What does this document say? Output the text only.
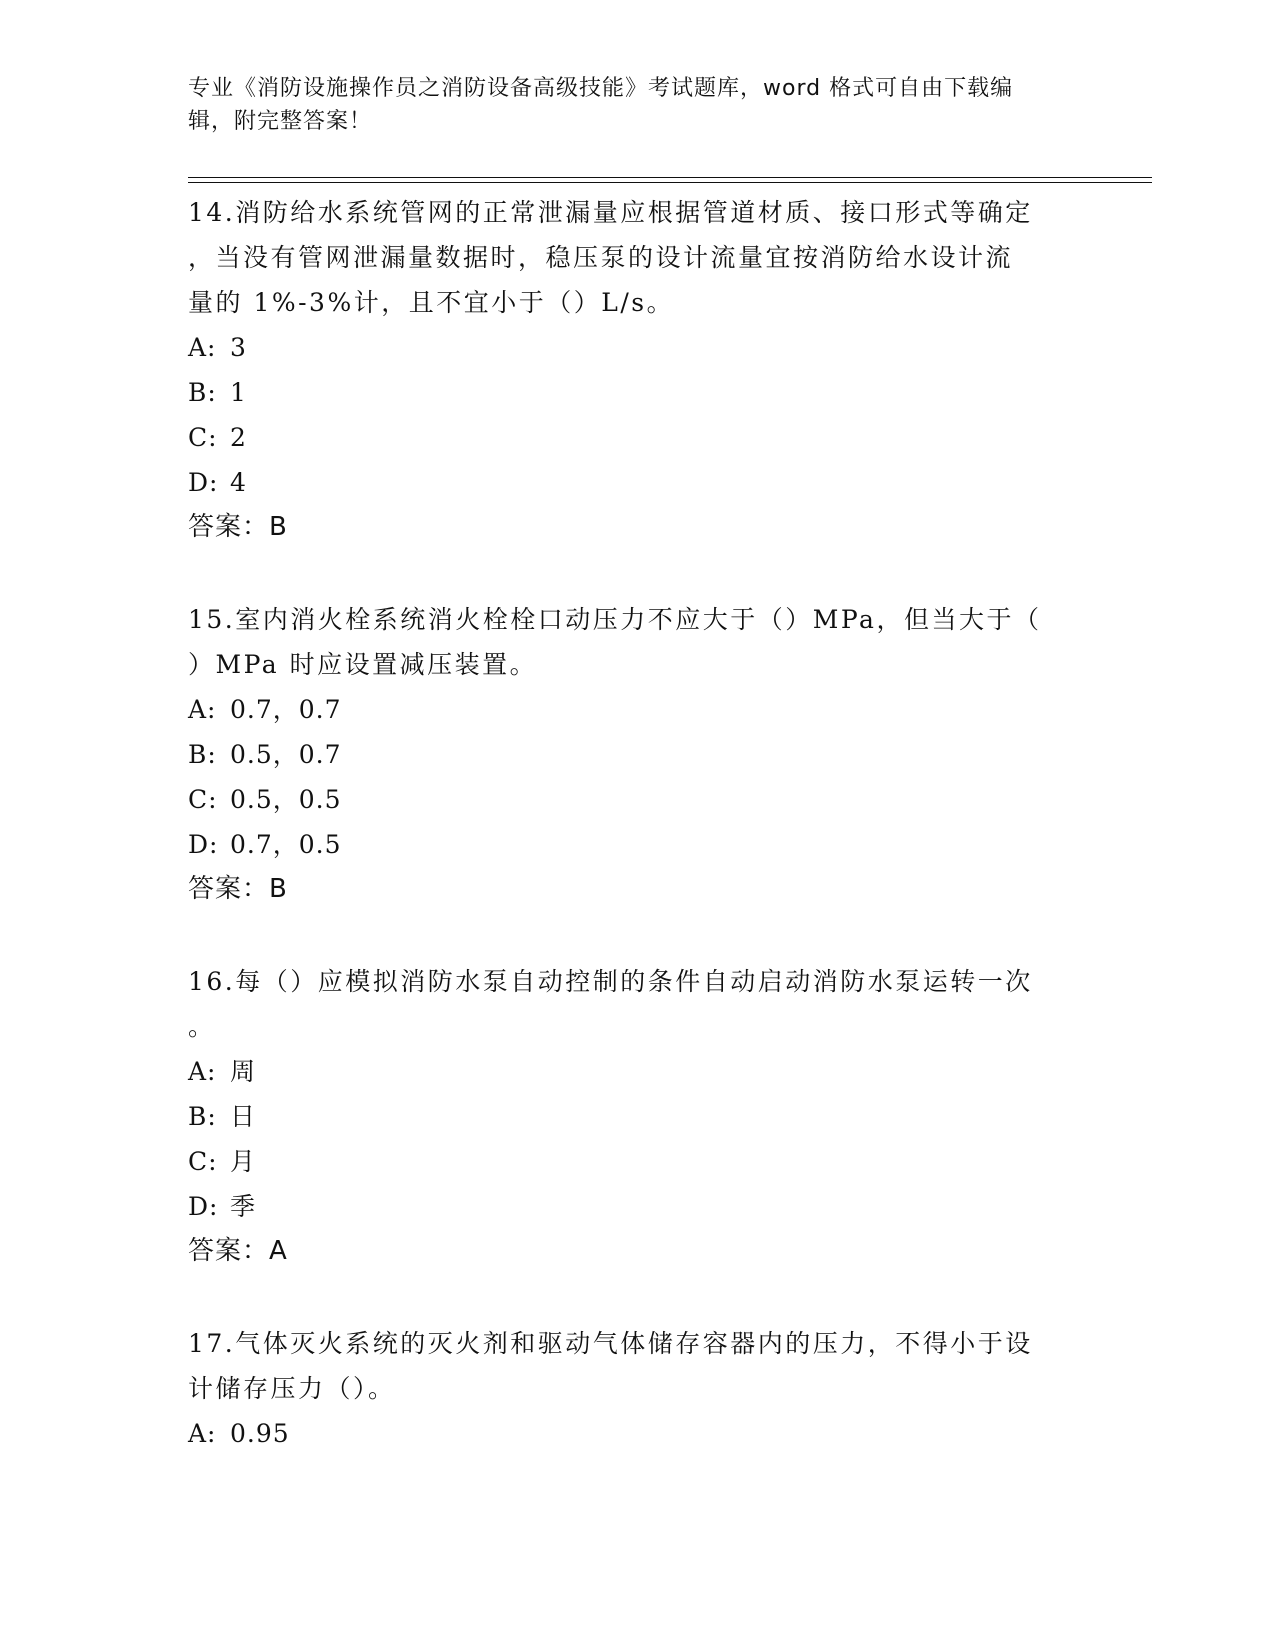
专业《消防设施操作员之消防设备高级技能》考试题库，word 格式可自由下载编
辑，附完整答案！
14.消防给水系统管网的正常泄漏量应根据管道材质、接口形式等确定
，当没有管网泄漏量数据时，稳压泵的设计流量宜按消防给水设计流
量的 1%-3%计，且不宜小于（）L/s。
A: 3
B: 1
C: 2
D: 4
答案：B
15.室内消火栓系统消火栓栓口动压力不应大于（）MPa，但当大于（
）MPa 时应设置减压装置。
A: 0.7，0.7
B: 0.5，0.7
C: 0.5，0.5
D: 0.7，0.5
答案：B
16.每（）应模拟消防水泵自动控制的条件自动启动消防水泵运转一次
。
A: 周
B: 日
C: 月
D: 季
答案：A
17.气体灭火系统的灭火剂和驱动气体储存容器内的压力，不得小于设
计储存压力（）。
A: 0.95
